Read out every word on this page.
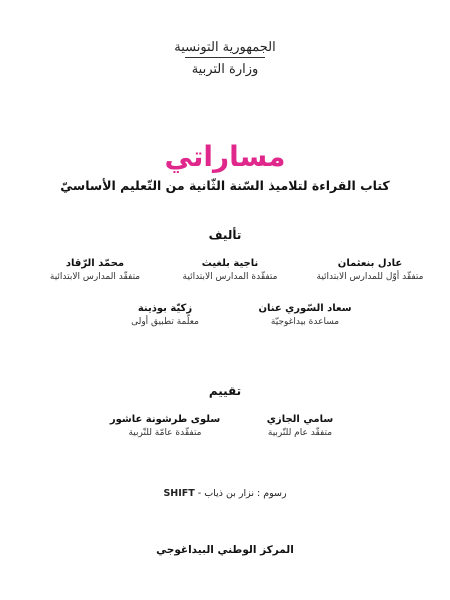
الجمهورية التونسية
وزارة التربية
مساراتي
كتاب القراءة لتلاميذ السّنة الثّانية من التّعليم الأساسيّ
تأليف
عادل بنعثمان
متفقّد أوّل للمدارس الابتدائية
ناجية بلغيث
متفقّدة المدارس الابتدائية
محمّد الرّقاد
متفقّد المدارس الابتدائية
سعاد السّوري عنان
مساعدة بيداغوجيّة
زكيّة بوذينة
معلّمة تطبيق أولى
تقييم
سامي الجازي
متفقّد عام للتّربية
سلوى طرشونة عاشور
متفقّدة عامّة للتّربية
رسوم : نزار بن ذياب - SHIFT
المركز الوطني البيداغوجي
